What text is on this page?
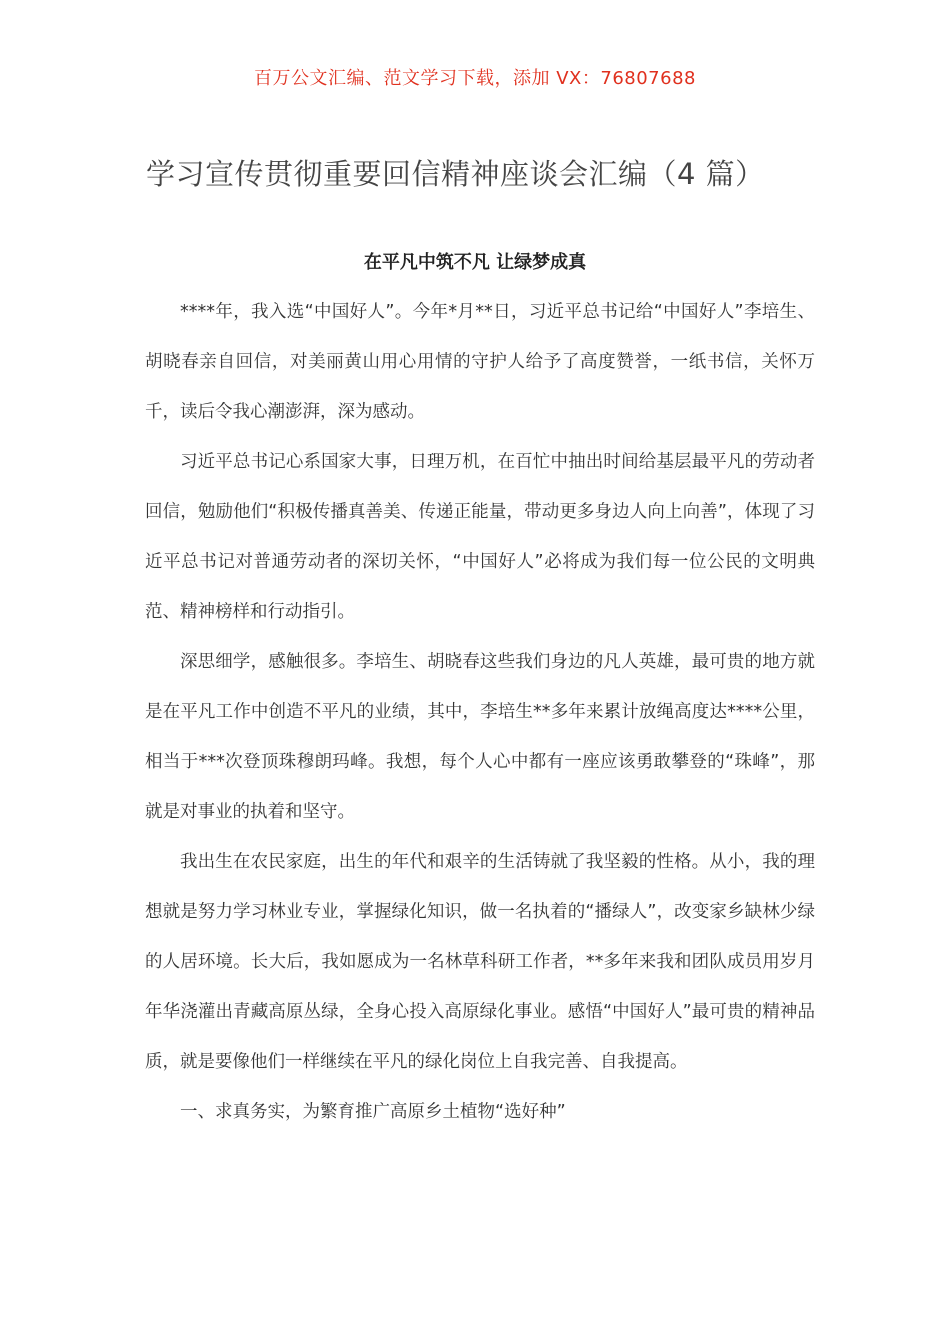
百万公文汇编、范文学习下载，添加 VX：76807688
学习宣传贯彻重要回信精神座谈会汇编（4 篇）
在平凡中筑不凡 让绿梦成真

****年，我入选“中国好人”。今年*月**日，习近平总书记给“中国好人”李培生、胡晓春亲自回信，对美丽黄山用心用情的守护人给予了高度赞誉，一纸书信，关怀万千，读后令我心潮澎湃，深为感动。

习近平总书记心系国家大事，日理万机，在百忙中抽出时间给基层最平凡的劳动者回信，勉励他们“积极传播真善美、传递正能量，带动更多身边人向上向善”，体现了习近平总书记对普通劳动者的深切关怀，“中国好人”必将成为我们每一位公民的文明典范、精神榜样和行动指引。

深思细学，感触很多。李培生、胡晓春这些我们身边的凡人英雄，最可贵的地方就是在平凡工作中创造不平凡的业绩，其中，李培生**多年来累计放绳高度达****公里，相当于***次登顶珠穆朗玛峰。我想，每个人心中都有一座应该勇敢攀登的“珠峰”，那就是对事业的执着和坚守。

我出生在农民家庭，出生的年代和艰辛的生活铸就了我坚毅的性格。从小，我的理想就是努力学习林业专业，掌握绿化知识，做一名执着的“播绿人”，改变家乡缺林少绿的人居环境。长大后，我如愿成为一名林草科研工作者，**多年来我和团队成员用岁月年华浇灌出青藏高原丛绿，全身心投入高原绿化事业。感悟“中国好人”最可贵的精神品质，就是要像他们一样继续在平凡的绿化岗位上自我完善、自我提高。

一、求真务实，为繁育推广高原乡土植物“选好种”
